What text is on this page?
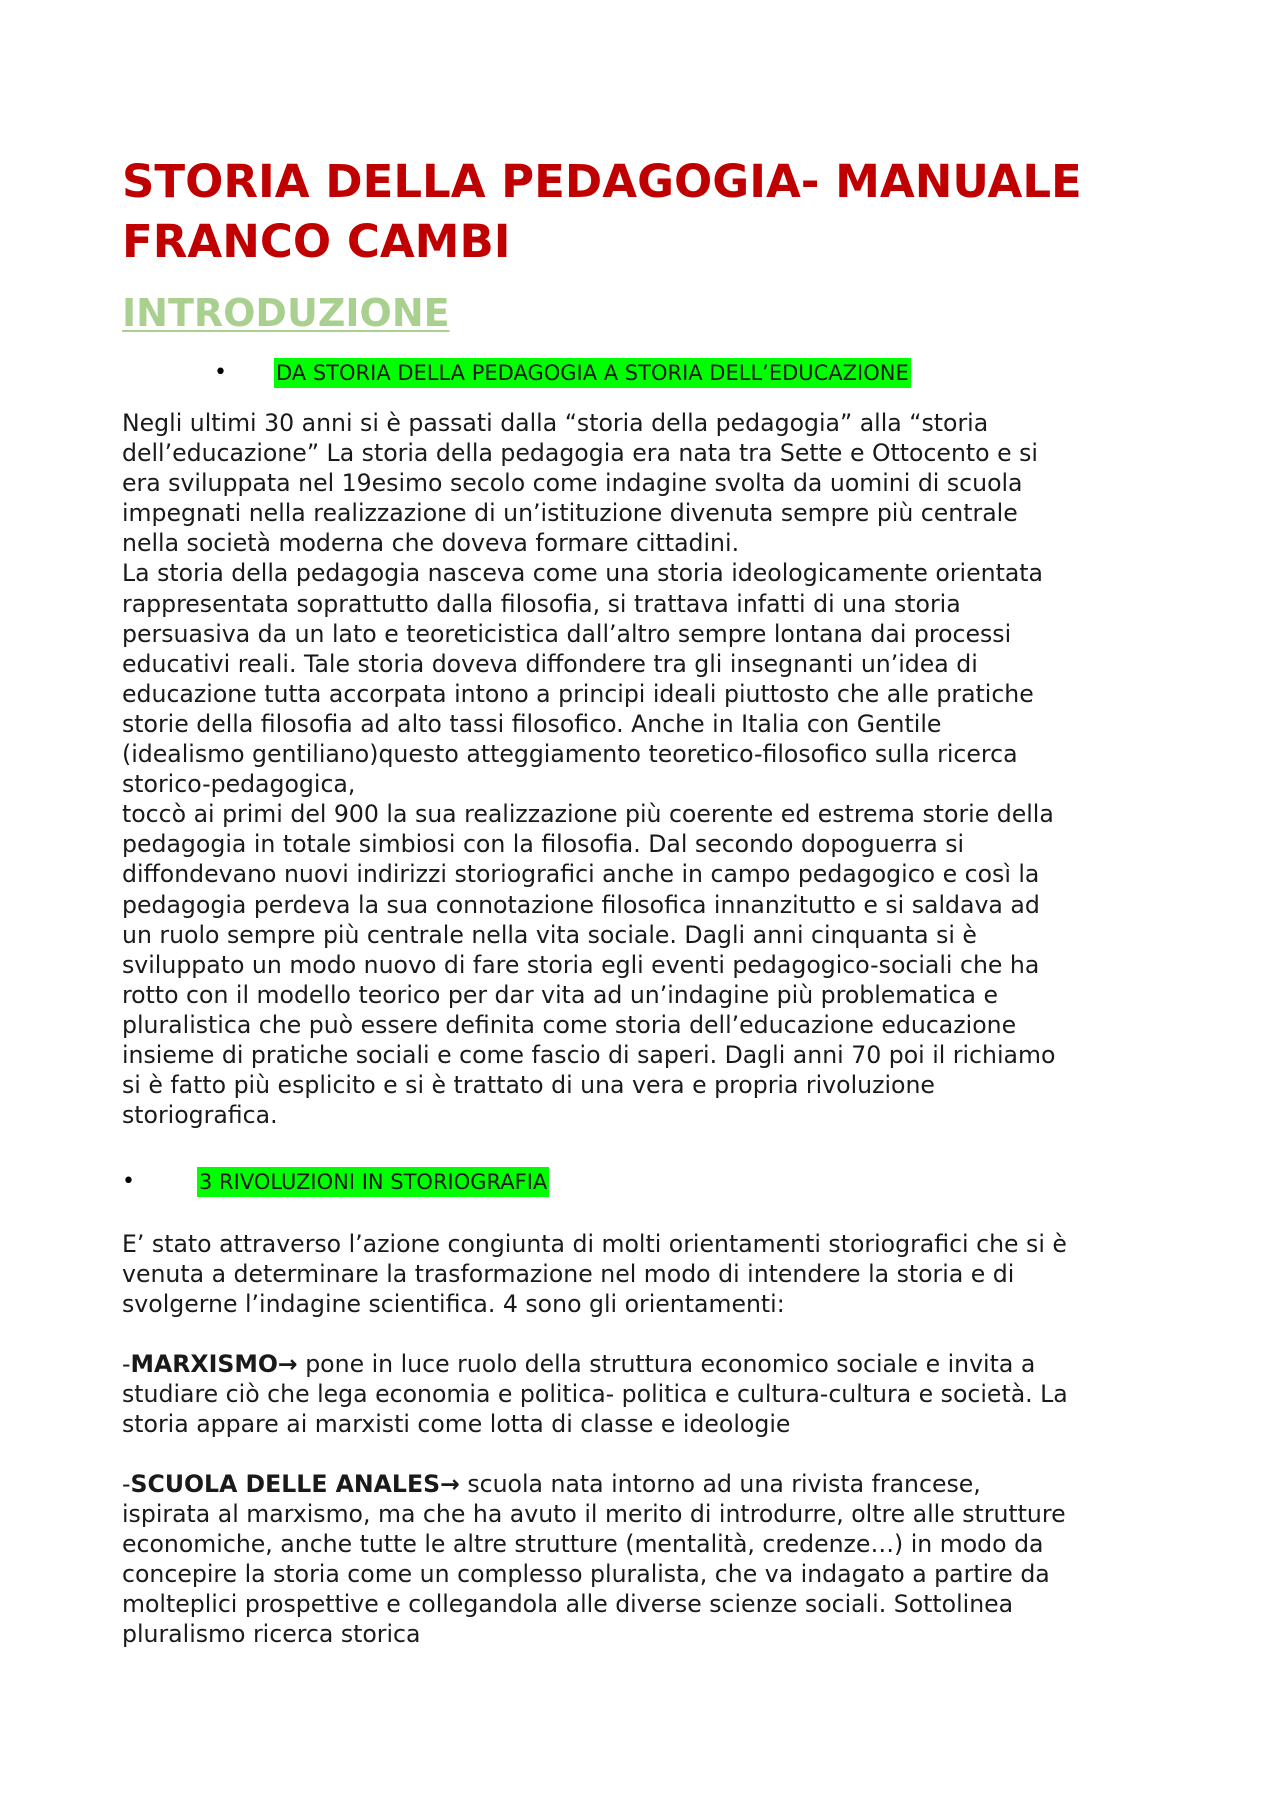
STORIA DELLA PEDAGOGIA- MANUALE
FRANCO CAMBI
INTRODUZIONE
• DA STORIA DELLA PEDAGOGIA A STORIA DELL’EDUCAZIONE

Negli ultimi 30 anni si è passati dalla “storia della pedagogia” alla “storia
dell’educazione” La storia della pedagogia era nata tra Sette e Ottocento e si
era sviluppata nel 19esimo secolo come indagine svolta da uomini di scuola
impegnati nella realizzazione di un’istituzione divenuta sempre più centrale
nella società moderna che doveva formare cittadini.
La storia della pedagogia nasceva come una storia ideologicamente orientata
rappresentata soprattutto dalla filosofia, si trattava infatti di una storia
persuasiva da un lato e teoreticistica dall’altro sempre lontana dai processi
educativi reali. Tale storia doveva diffondere tra gli insegnanti un’idea di
educazione tutta accorpata intono a principi ideali piuttosto che alle pratiche
storie della filosofia ad alto tassi filosofico. Anche in Italia con Gentile
(idealismo gentiliano)questo atteggiamento teoretico-filosofico sulla ricerca
storico-pedagogica,
toccò ai primi del 900 la sua realizzazione più coerente ed estrema storie della
pedagogia in totale simbiosi con la filosofia. Dal secondo dopoguerra si
diffondevano nuovi indirizzi storiografici anche in campo pedagogico e così la
pedagogia perdeva la sua connotazione filosofica innanzitutto e si saldava ad
un ruolo sempre più centrale nella vita sociale. Dagli anni cinquanta si è
sviluppato un modo nuovo di fare storia egli eventi pedagogico-sociali che ha
rotto con il modello teorico per dar vita ad un’indagine più problematica e
pluralistica che può essere definita come storia dell’educazione educazione
insieme di pratiche sociali e come fascio di saperi. Dagli anni 70 poi il richiamo
si è fatto più esplicito e si è trattato di una vera e propria rivoluzione
storiografica.

•	3 RIVOLUZIONI IN STORIOGRAFIA

E’ stato attraverso l’azione congiunta di molti orientamenti storiografici che si è
venuta a determinare la trasformazione nel modo di intendere la storia e di
svolgerne l’indagine scientifica. 4 sono gli orientamenti:

-MARXISMO→ pone in luce ruolo della struttura economico sociale e invita a
studiare ciò che lega economia e politica- politica e cultura-cultura e società. La
storia appare ai marxisti come lotta di classe e ideologie

-SCUOLA DELLE ANALES→ scuola nata intorno ad una rivista francese,
ispirata al marxismo, ma che ha avuto il merito di introdurre, oltre alle strutture
economiche, anche tutte le altre strutture (mentalità, credenze…) in modo da
concepire la storia come un complesso pluralista, che va indagato a partire da
molteplici prospettive e collegandola alle diverse scienze sociali. Sottolinea
pluralismo ricerca storica
